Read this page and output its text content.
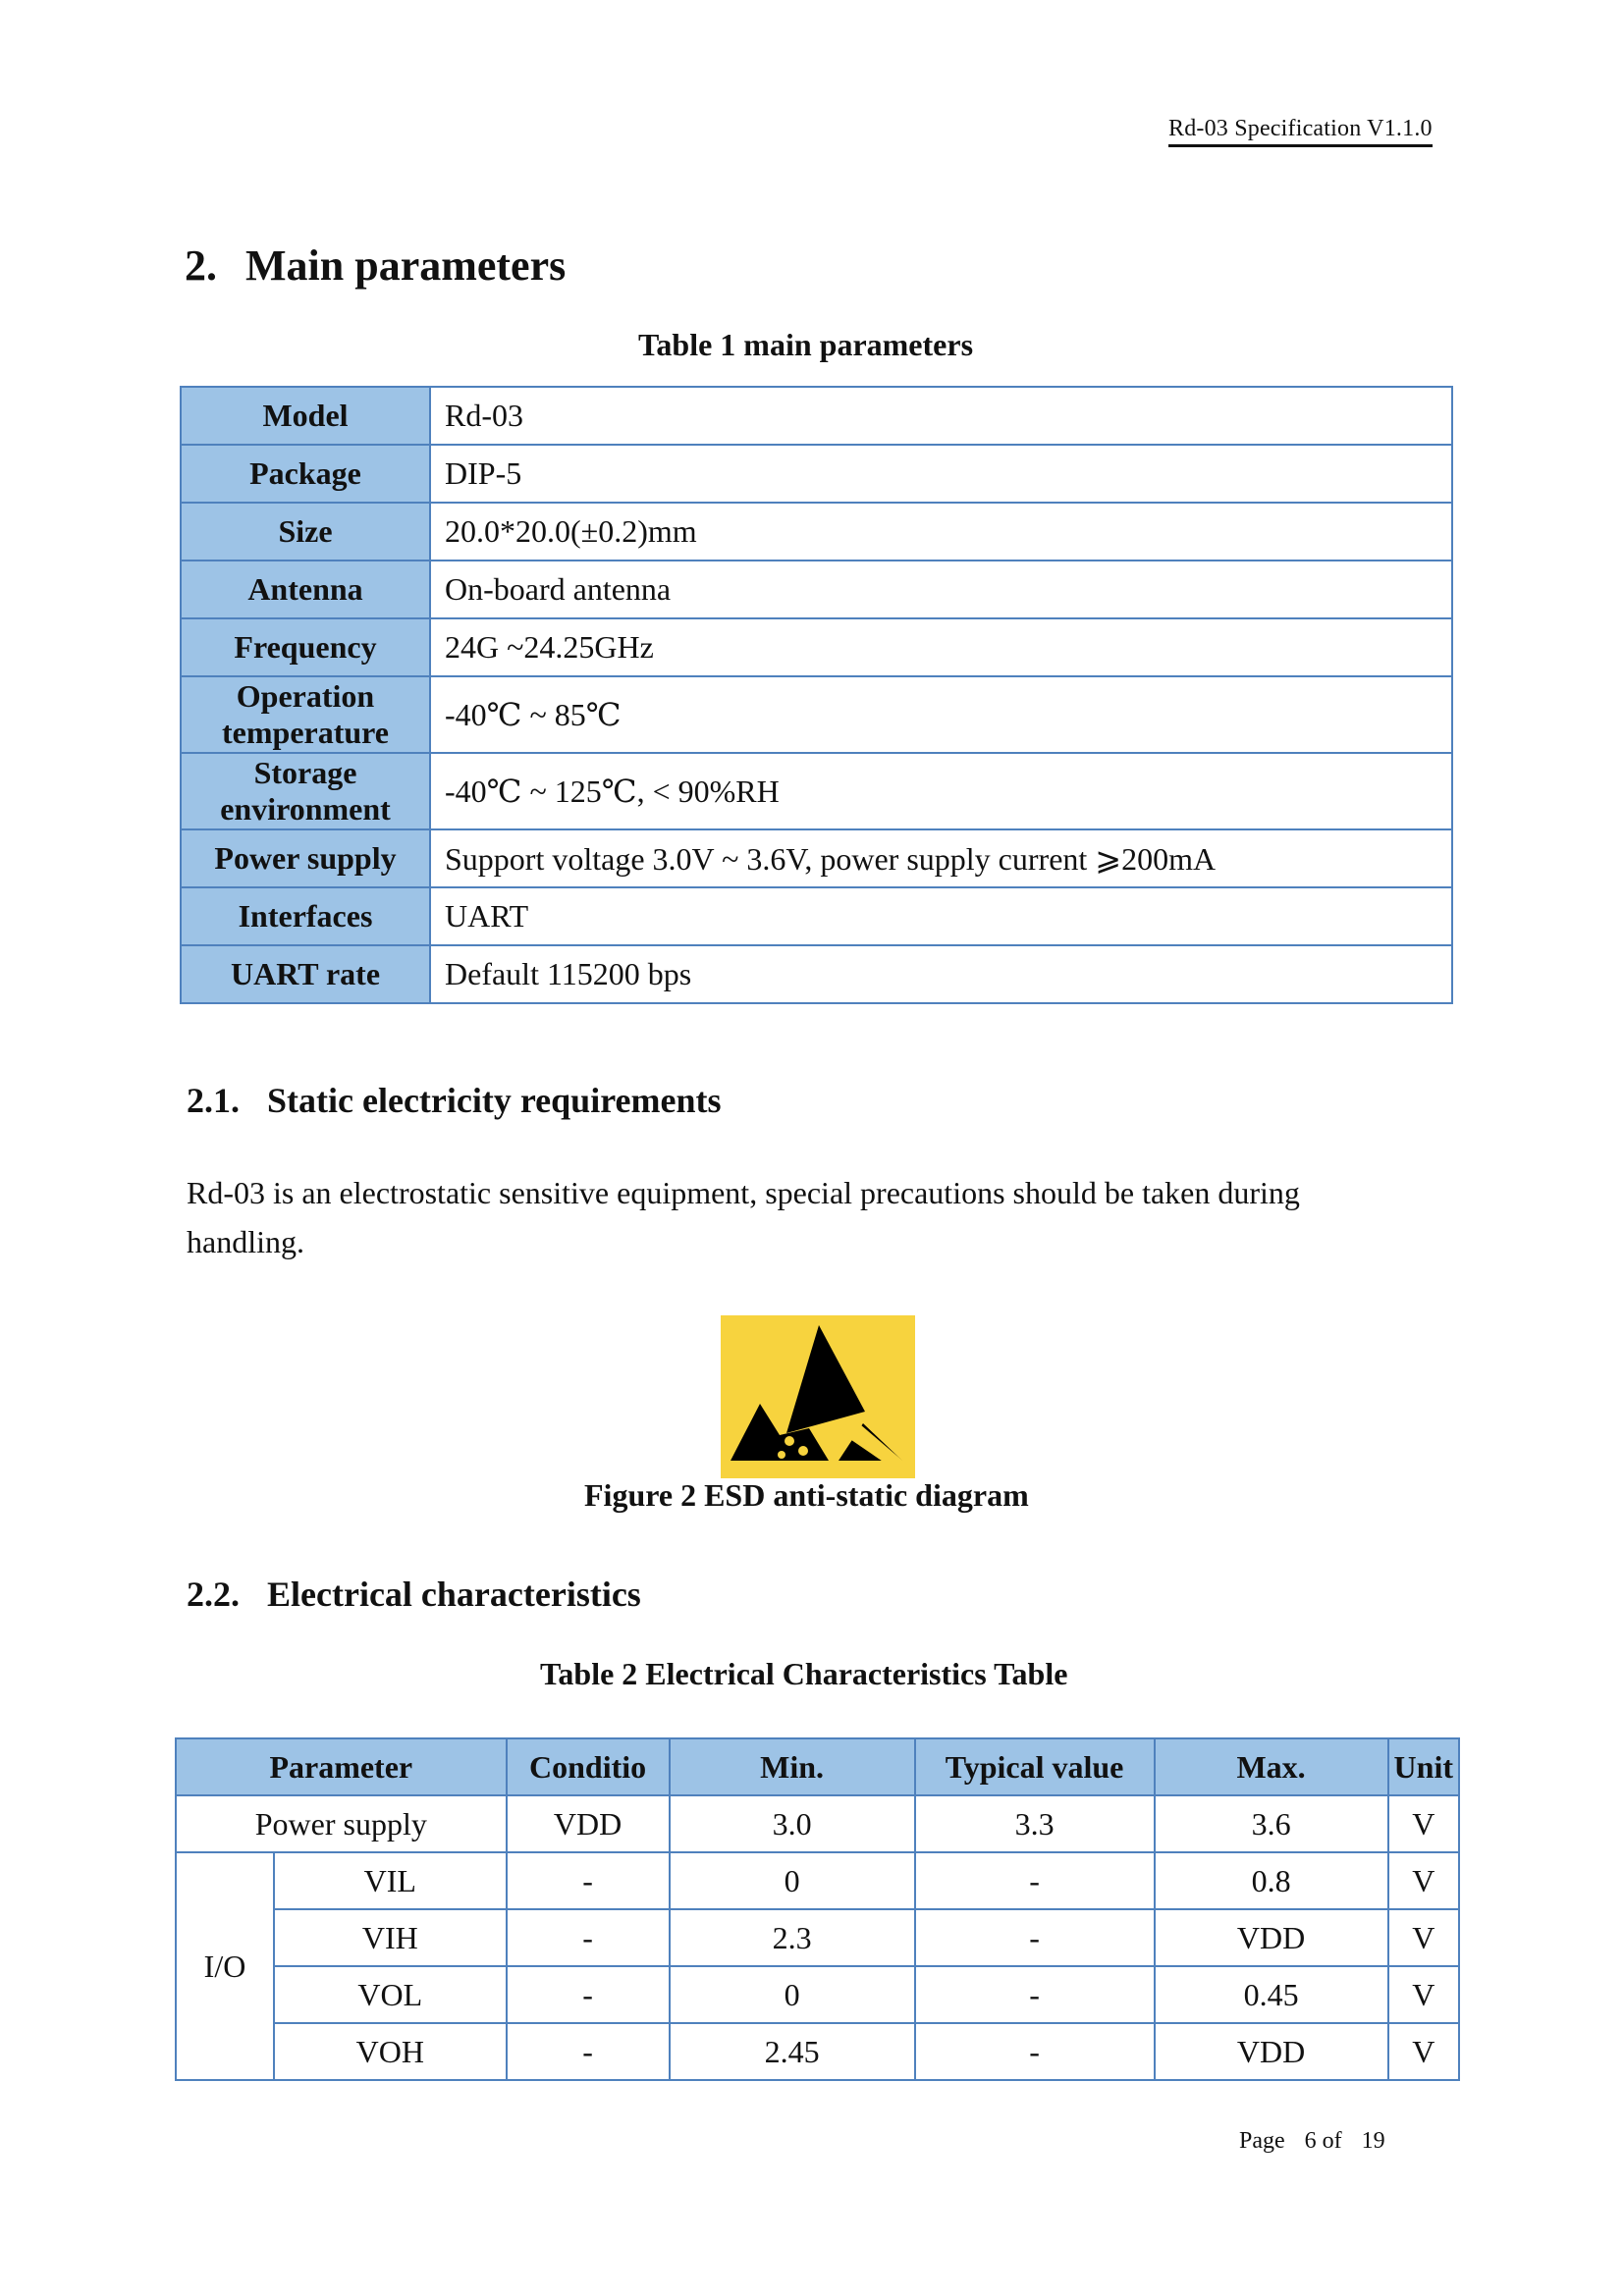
Rd-03 Specification V1.1.0
2. Main parameters
Table 1 main parameters
Model	Rd-03
Package	DIP-5
Size	20.0*20.0(±0.2)mm
Antenna	On-board antenna
Frequency	24G ~24.25GHz
Operation
temperature	-40℃ ~ 85℃
Storage
environment	-40℃ ~ 125℃, < 90%RH
Power supply	Support voltage 3.0V ~ 3.6V, power supply current ⩾200mA
Interfaces	UART
UART rate	Default 115200 bps
2.1. Static electricity requirements
Rd-03 is an electrostatic sensitive equipment, special precautions should be taken during handling.
Figure 2 ESD anti-static diagram
2.2. Electrical characteristics
Table 2 Electrical Characteristics Table
Parameter		Conditio	Min.	Typical value	Max.	Unit
Power supply		VDD	3.0	3.3	3.6	V
I/O	VIL	-	0	-	0.8	V
	VIH	-	2.3	-	VDD	V
	VOL	-	0	-	0.45	V
	VOH	-	2.45	-	VDD	V
Page 6 of 19
